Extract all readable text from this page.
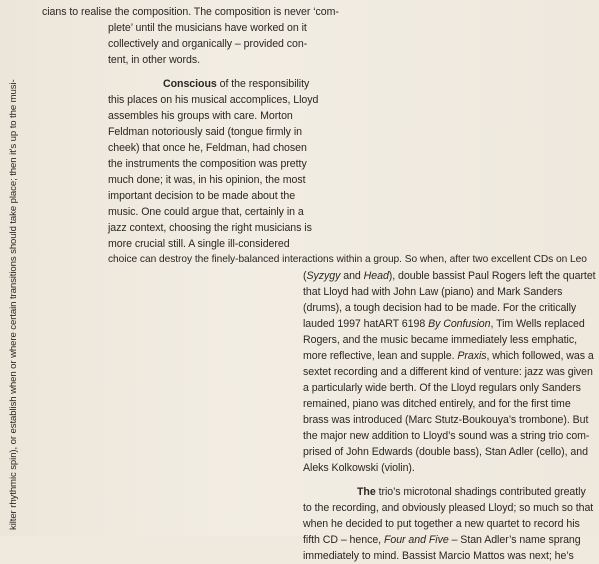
kilter rhythmic spin), or establish when or where certain transitions should take place; then it's up to the musi-
cians to realise the composition. The composition is never ‘com-
plete’ until the musicians have worked on it
collectively and organically – provided con-
tent, in other words.
Conscious of the responsibility
this places on his musical accomplices, Lloyd
assembles his groups with care. Morton
Feldman notoriously said (tongue firmly in
cheek) that once he, Feldman, had chosen
the instruments the composition was pretty
much done; it was, in his opinion, the most
important decision to be made about the
music. One could argue that, certainly in a
jazz context, choosing the right musicians is
more crucial still. A single ill-considered
choice can destroy the finely-balanced interactions within a group. So when, after two excellent CDs on Leo
(Syzygy and Head), double bassist Paul Rogers left the quartet
that Lloyd had with John Law (piano) and Mark Sanders
(drums), a tough decision had to be made. For the critically
lauded 1997 hatART 6198 By Confusion, Tim Wells replaced
Rogers, and the music became immediately less emphatic,
more reflective, lean and supple. Praxis, which followed, was a
sextet recording and a different kind of venture: jazz was given
a particularly wide berth. Of the Lloyd regulars only Sanders
remained, piano was ditched entirely, and for the first time
brass was introduced (Marc Stutz-Boukouya’s trombone). But
the major new addition to Lloyd’s sound was a string trio com-
prised of John Edwards (double bass), Stan Adler (cello), and
Aleks Kolkowski (violin).
The trio’s microtonal shadings contributed greatly
to the recording, and obviously pleased Lloyd; so much so that
when he decided to put together a new quartet to record his
fifth CD – hence, Four and Five – Stan Adler’s name sprang
immediately to mind. Bassist Marcio Mattos was next; he’s
